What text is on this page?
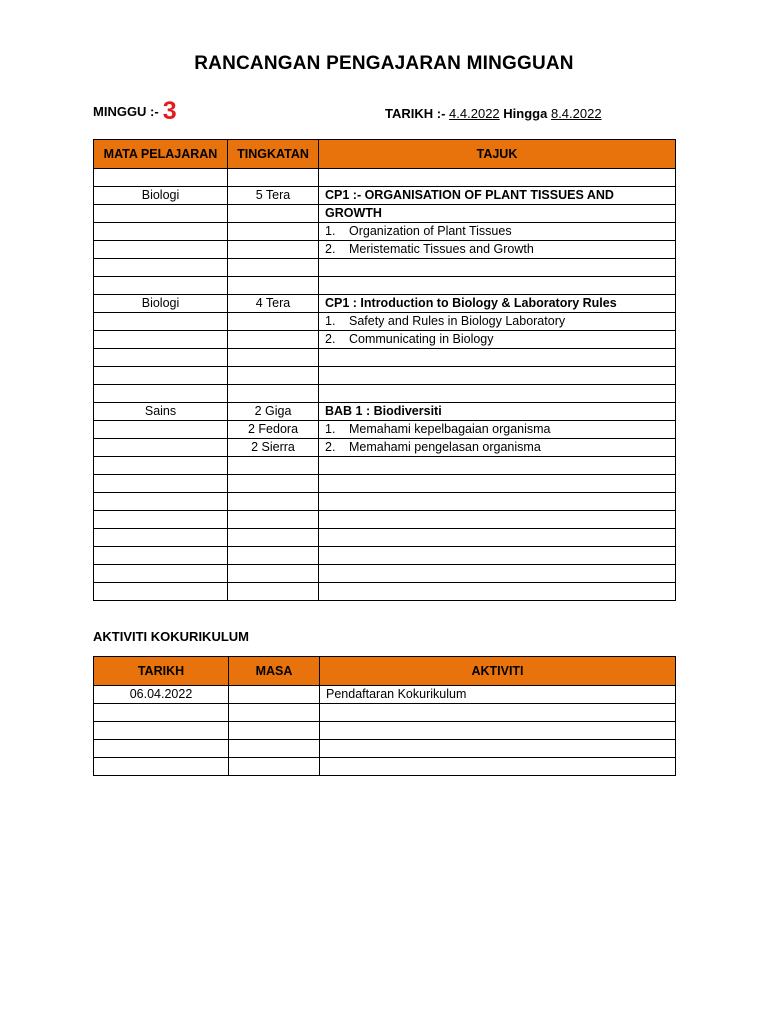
RANCANGAN PENGAJARAN MINGGUAN
MINGGU :- 3	TARIKH :- 4.4.2022 Hingga 8.4.2022
MATA PELAJARAN	TINGKATAN	TAJUK

Biologi	5 Tera	CP1 :- ORGANISATION OF PLANT TISSUES AND
		GROWTH
		1. Organization of Plant Tissues
		2. Meristematic Tissues and Growth

Biologi	4 Tera	CP1 : Introduction to Biology & Laboratory Rules
		1. Safety and Rules in Biology Laboratory
		2. Communicating in Biology

Sains	2 Giga	BAB 1 : Biodiversiti
	2 Fedora	1. Memahami kepelbagaian organisma
	2 Sierra	2. Memahami pengelasan organisma

AKTIVITI KOKURIKULUM
TARIKH	MASA	AKTIVITI
06.04.2022		Pendaftaran Kokurikulum
